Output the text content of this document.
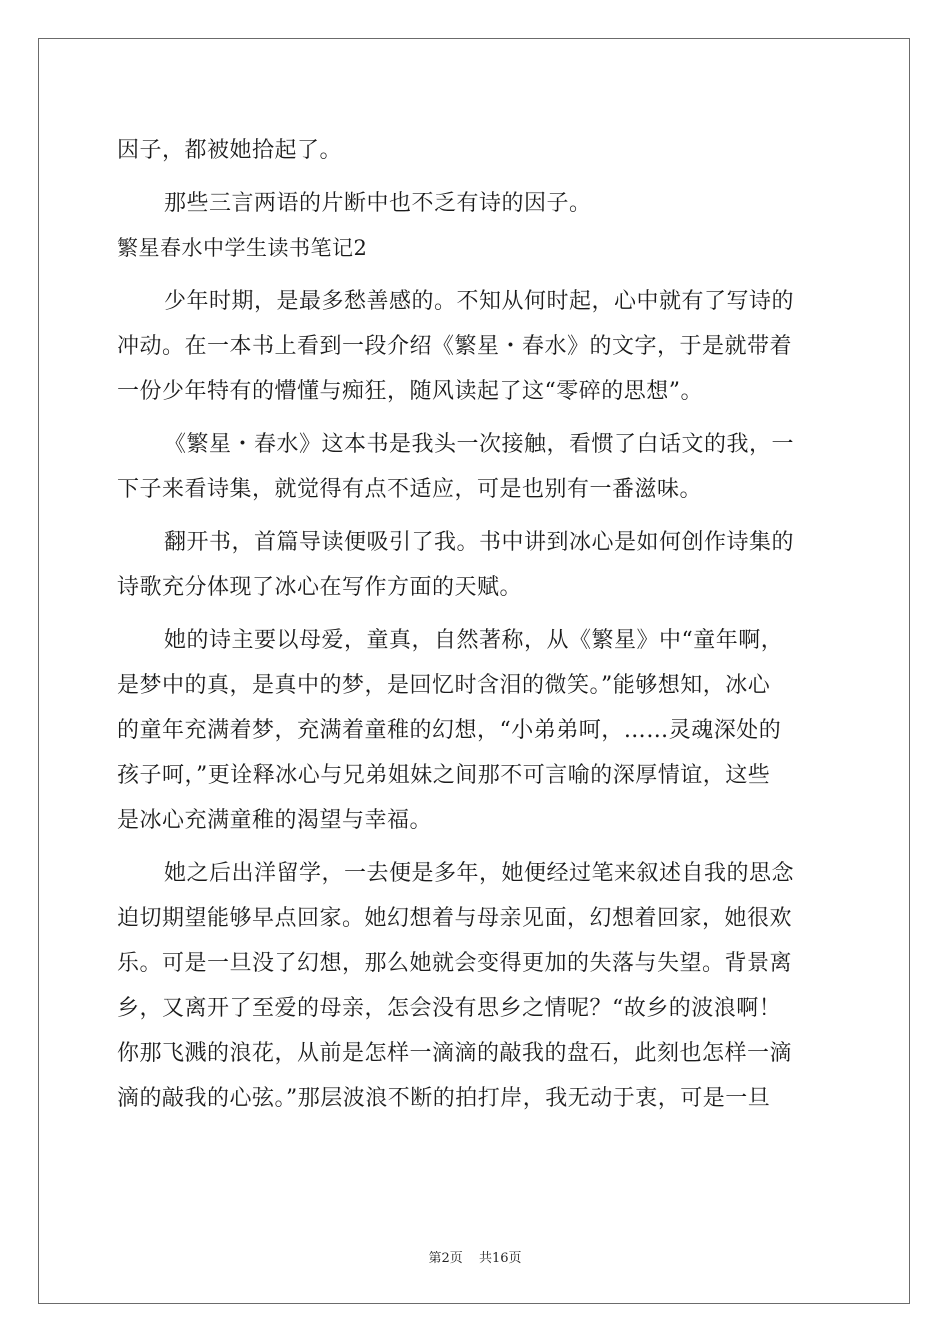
因子，都被她拾起了。
那些三言两语的片断中也不乏有诗的因子。
繁星春水中学生读书笔记2
少年时期，是最多愁善感的。不知从何时起，心中就有了写诗的
冲动。在一本书上看到一段介绍《繁星・春水》的文字，于是就带着
一份少年特有的懵懂与痴狂，随风读起了这“零碎的思想”。
《繁星・春水》这本书是我头一次接触，看惯了白话文的我，一
下子来看诗集，就觉得有点不适应，可是也别有一番滋味。
翻开书，首篇导读便吸引了我。书中讲到冰心是如何创作诗集的
诗歌充分体现了冰心在写作方面的天赋。
她的诗主要以母爱，童真，自然著称，从《繁星》中“童年啊，
是梦中的真，是真中的梦，是回忆时含泪的微笑。”能够想知，冰心
的童年充满着梦，充满着童稚的幻想，“小弟弟呵，……灵魂深处的
孩子呵，”更诠释冰心与兄弟姐妹之间那不可言喻的深厚情谊，这些
是冰心充满童稚的渴望与幸福。
她之后出洋留学，一去便是多年，她便经过笔来叙述自我的思念
迫切期望能够早点回家。她幻想着与母亲见面，幻想着回家，她很欢
乐。可是一旦没了幻想，那么她就会变得更加的失落与失望。背景离
乡，又离开了至爱的母亲，怎会没有思乡之情呢？“故乡的波浪啊！
你那飞溅的浪花，从前是怎样一滴滴的敲我的盘石，此刻也怎样一滴
滴的敲我的心弦。”那层波浪不断的拍打岸，我无动于衷，可是一旦
第2页 共16页
